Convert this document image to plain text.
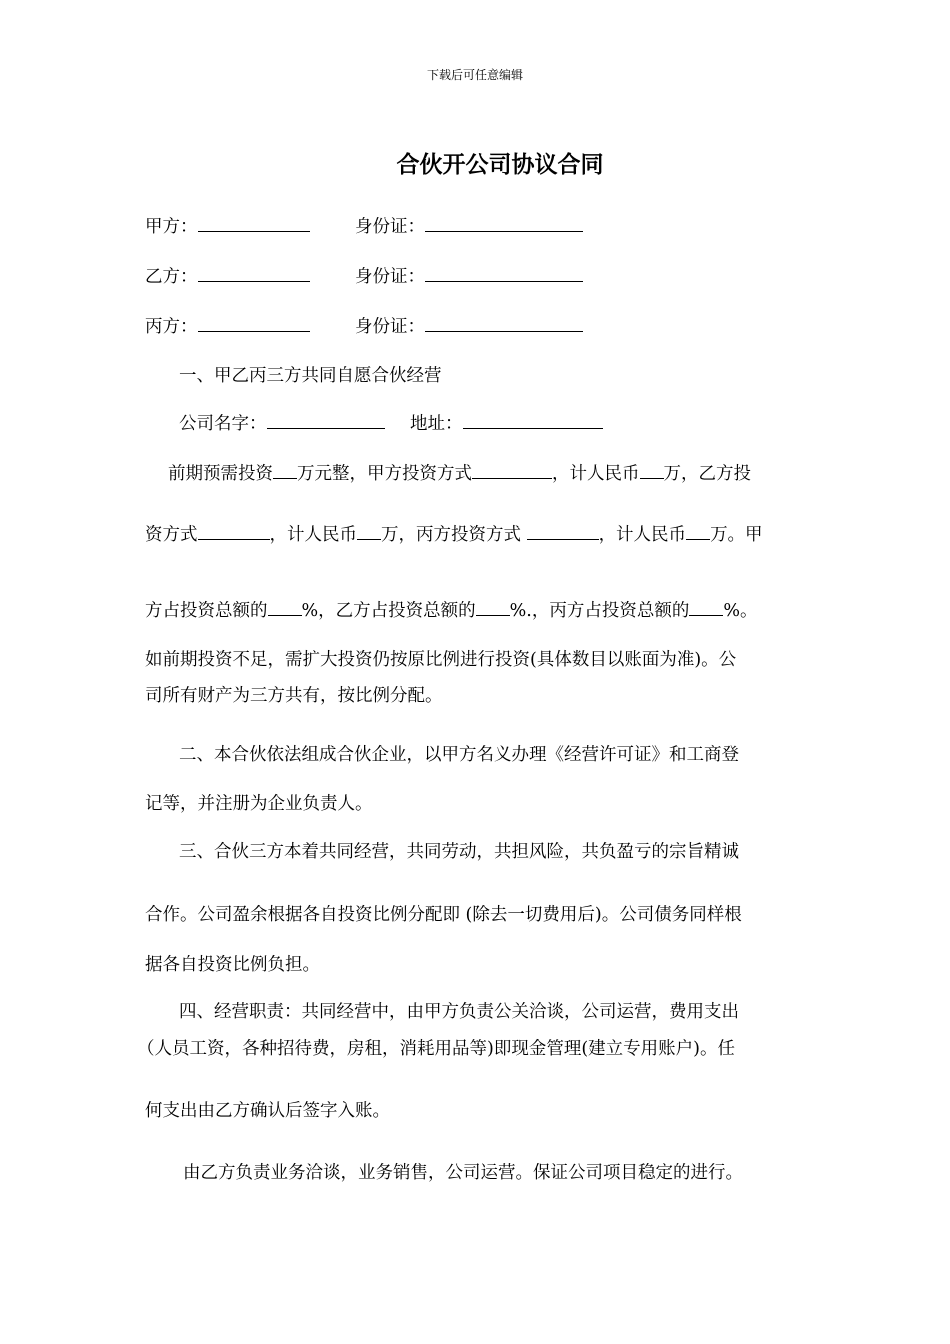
下载后可任意编辑
合伙开公司协议合同
甲方：	身份证：
乙方：	身份证：
丙方：	身份证：
一、甲乙丙三方共同自愿合伙经营
公司名字：	地址：
前期预需投资 万元整，甲方投资方式	，计人民币 万，乙方投
资方式	，计人民币 万，丙方投资方式	，计人民币 万。甲
方占投资总额的 %，乙方占投资总额的 %.，丙方占投资总额的 %。
如前期投资不足，需扩大投资仍按原比例进行投资(具体数目以账面为准)。公
司所有财产为三方共有，按比例分配。
二、本合伙依法组成合伙企业，以甲方名义办理《经营许可证》和工商登
记等，并注册为企业负责人。
三、合伙三方本着共同经营，共同劳动，共担风险，共负盈亏的宗旨精诚
合作。公司盈余根据各自投资比例分配即 (除去一切费用后)。公司债务同样根
据各自投资比例负担。
四、经营职责：共同经营中，由甲方负责公关洽谈，公司运营，费用支出
（人员工资，各种招待费，房租，消耗用品等)即现金管理(建立专用账户)。任
何支出由乙方确认后签字入账。
由乙方负责业务洽谈，业务销售，公司运营。保证公司项目稳定的进行。
